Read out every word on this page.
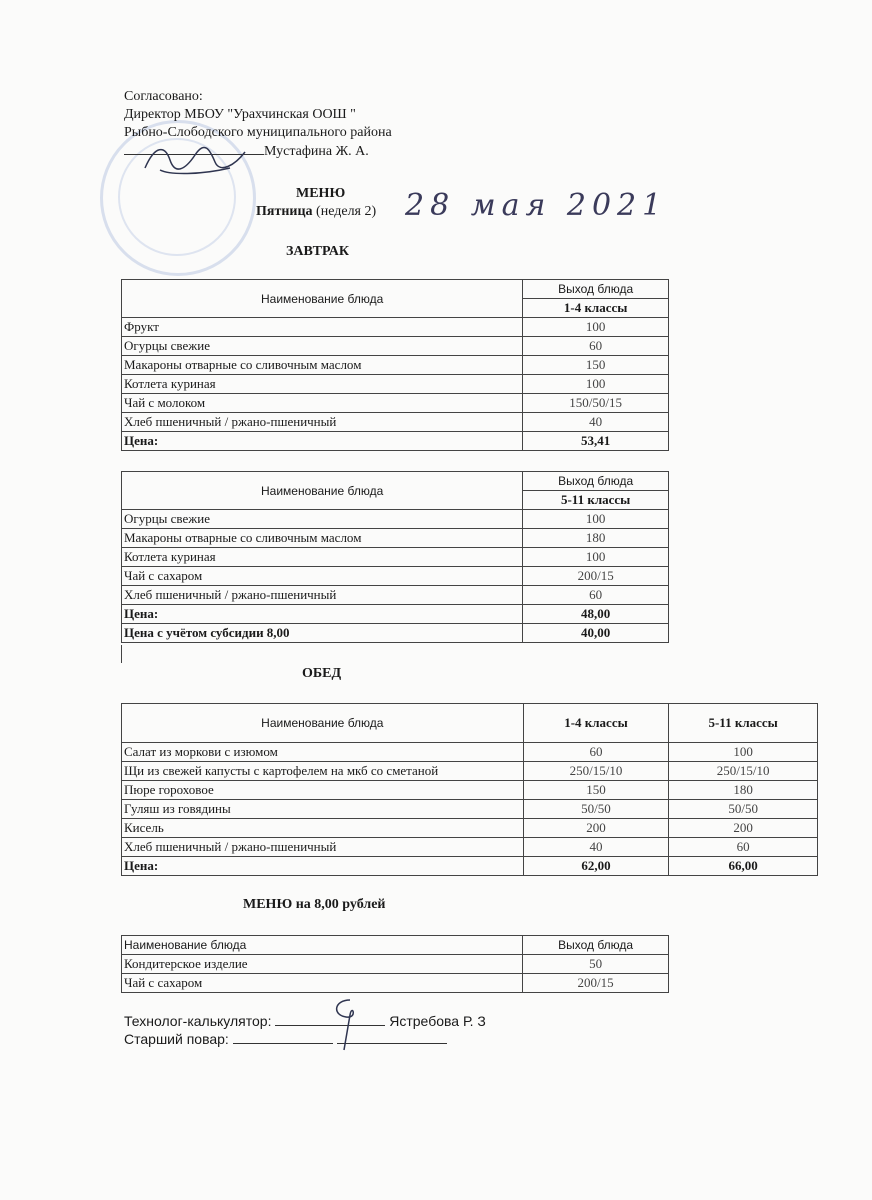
Согласовано:
Директор МБОУ "Урахчинская ООШ "
Рыбно-Слободского муниципального района
Мустафина Ж. А.
МЕНЮ
Пятница (неделя 2) 28 мая 2021
ЗАВТРАК
Наименование блюда	Выход блюда
	1-4 классы
Фрукт	100
Огурцы свежие	60
Макароны отварные со сливочным маслом	150
Котлета куриная	100
Чай с молоком	150/50/15
Хлеб пшеничный / ржано-пшеничный	40
Цена:	53,41
Наименование блюда	Выход блюда
	5-11 классы
Огурцы свежие	100
Макароны отварные со сливочным маслом	180
Котлета куриная	100
Чай с сахаром	200/15
Хлеб пшеничный / ржано-пшеничный	60
Цена:	48,00
Цена с учётом субсидии 8,00	40,00
ОБЕД
Наименование блюда	1-4 классы	5-11 классы
Салат из моркови с изюмом	60	100
Щи из свежей капусты с картофелем на мкб со сметаной	250/15/10	250/15/10
Пюре гороховое	150	180
Гуляш из говядины	50/50	50/50
Кисель	200	200
Хлеб пшеничный / ржано-пшеничный	40	60
Цена:	62,00	66,00
МЕНЮ на 8,00 рублей
Наименование блюда	Выход блюда
Кондитерское изделие	50
Чай с сахаром	200/15
Технолог-калькулятор:	Ястребова Р. З
Старший повар:
